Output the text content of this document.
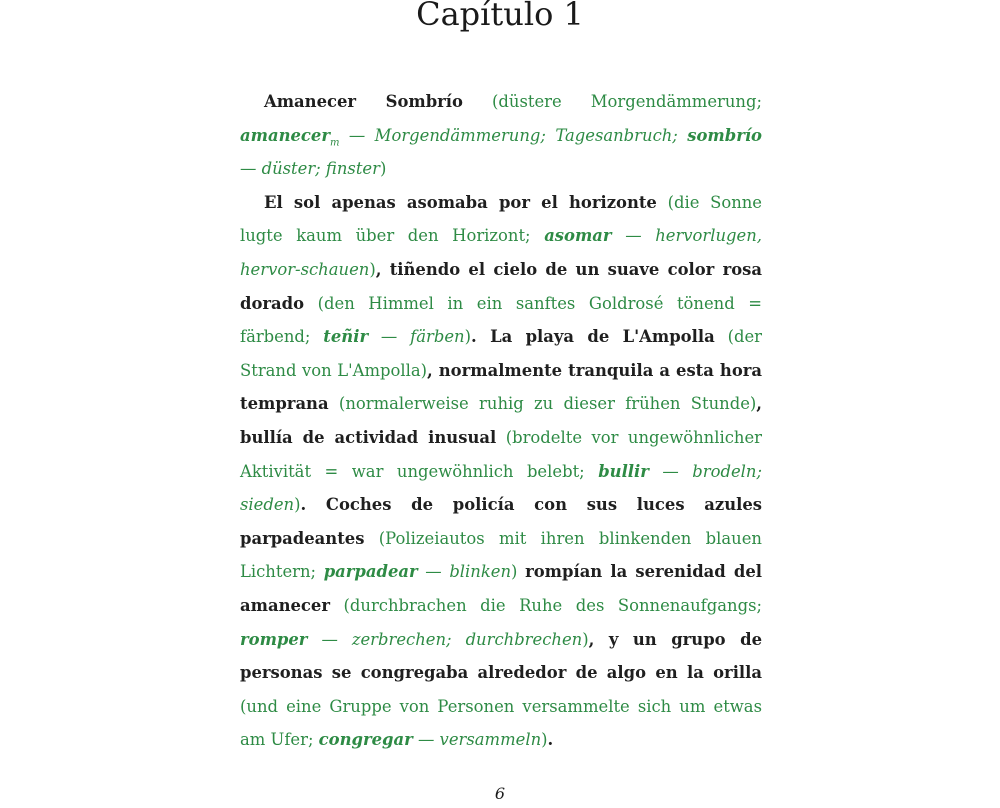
Capítulo 1

Amanecer Sombrío (düstere Morgendämmerung; amanecer$_m$ — Morgendämmerung; Tagesanbruch; sombrío — düster; finster)

El sol apenas asomaba por el horizonte (die Sonne lugte kaum über den Horizont; asomar — hervorlugen, hervor-schauen), tiñendo el cielo de un suave color rosa dorado (den Himmel in ein sanftes Goldrosé tönend = färbend; teñir — färben). La playa de L'Ampolla (der Strand von L'Ampolla), normalmente tranquila a esta hora temprana (normalerweise ruhig zu dieser frühen Stunde), bullía de actividad inusual (brodelte vor ungewöhnlicher Aktivität = war ungewöhnlich belebt; bullir — brodeln; sieden). Coches de policía con sus luces azules parpadeantes (Polizeiautos mit ihren blinkenden blauen Lichtern; parpadear — blinken) rompían la serenidad del amanecer (durchbrachen die Ruhe des Sonnenaufgangs; romper — zerbrechen; durchbrechen), y un grupo de personas se congregaba alrededor de algo en la orilla (und eine Gruppe von Personen versammelte sich um etwas am Ufer; congregar — versammeln).

6
